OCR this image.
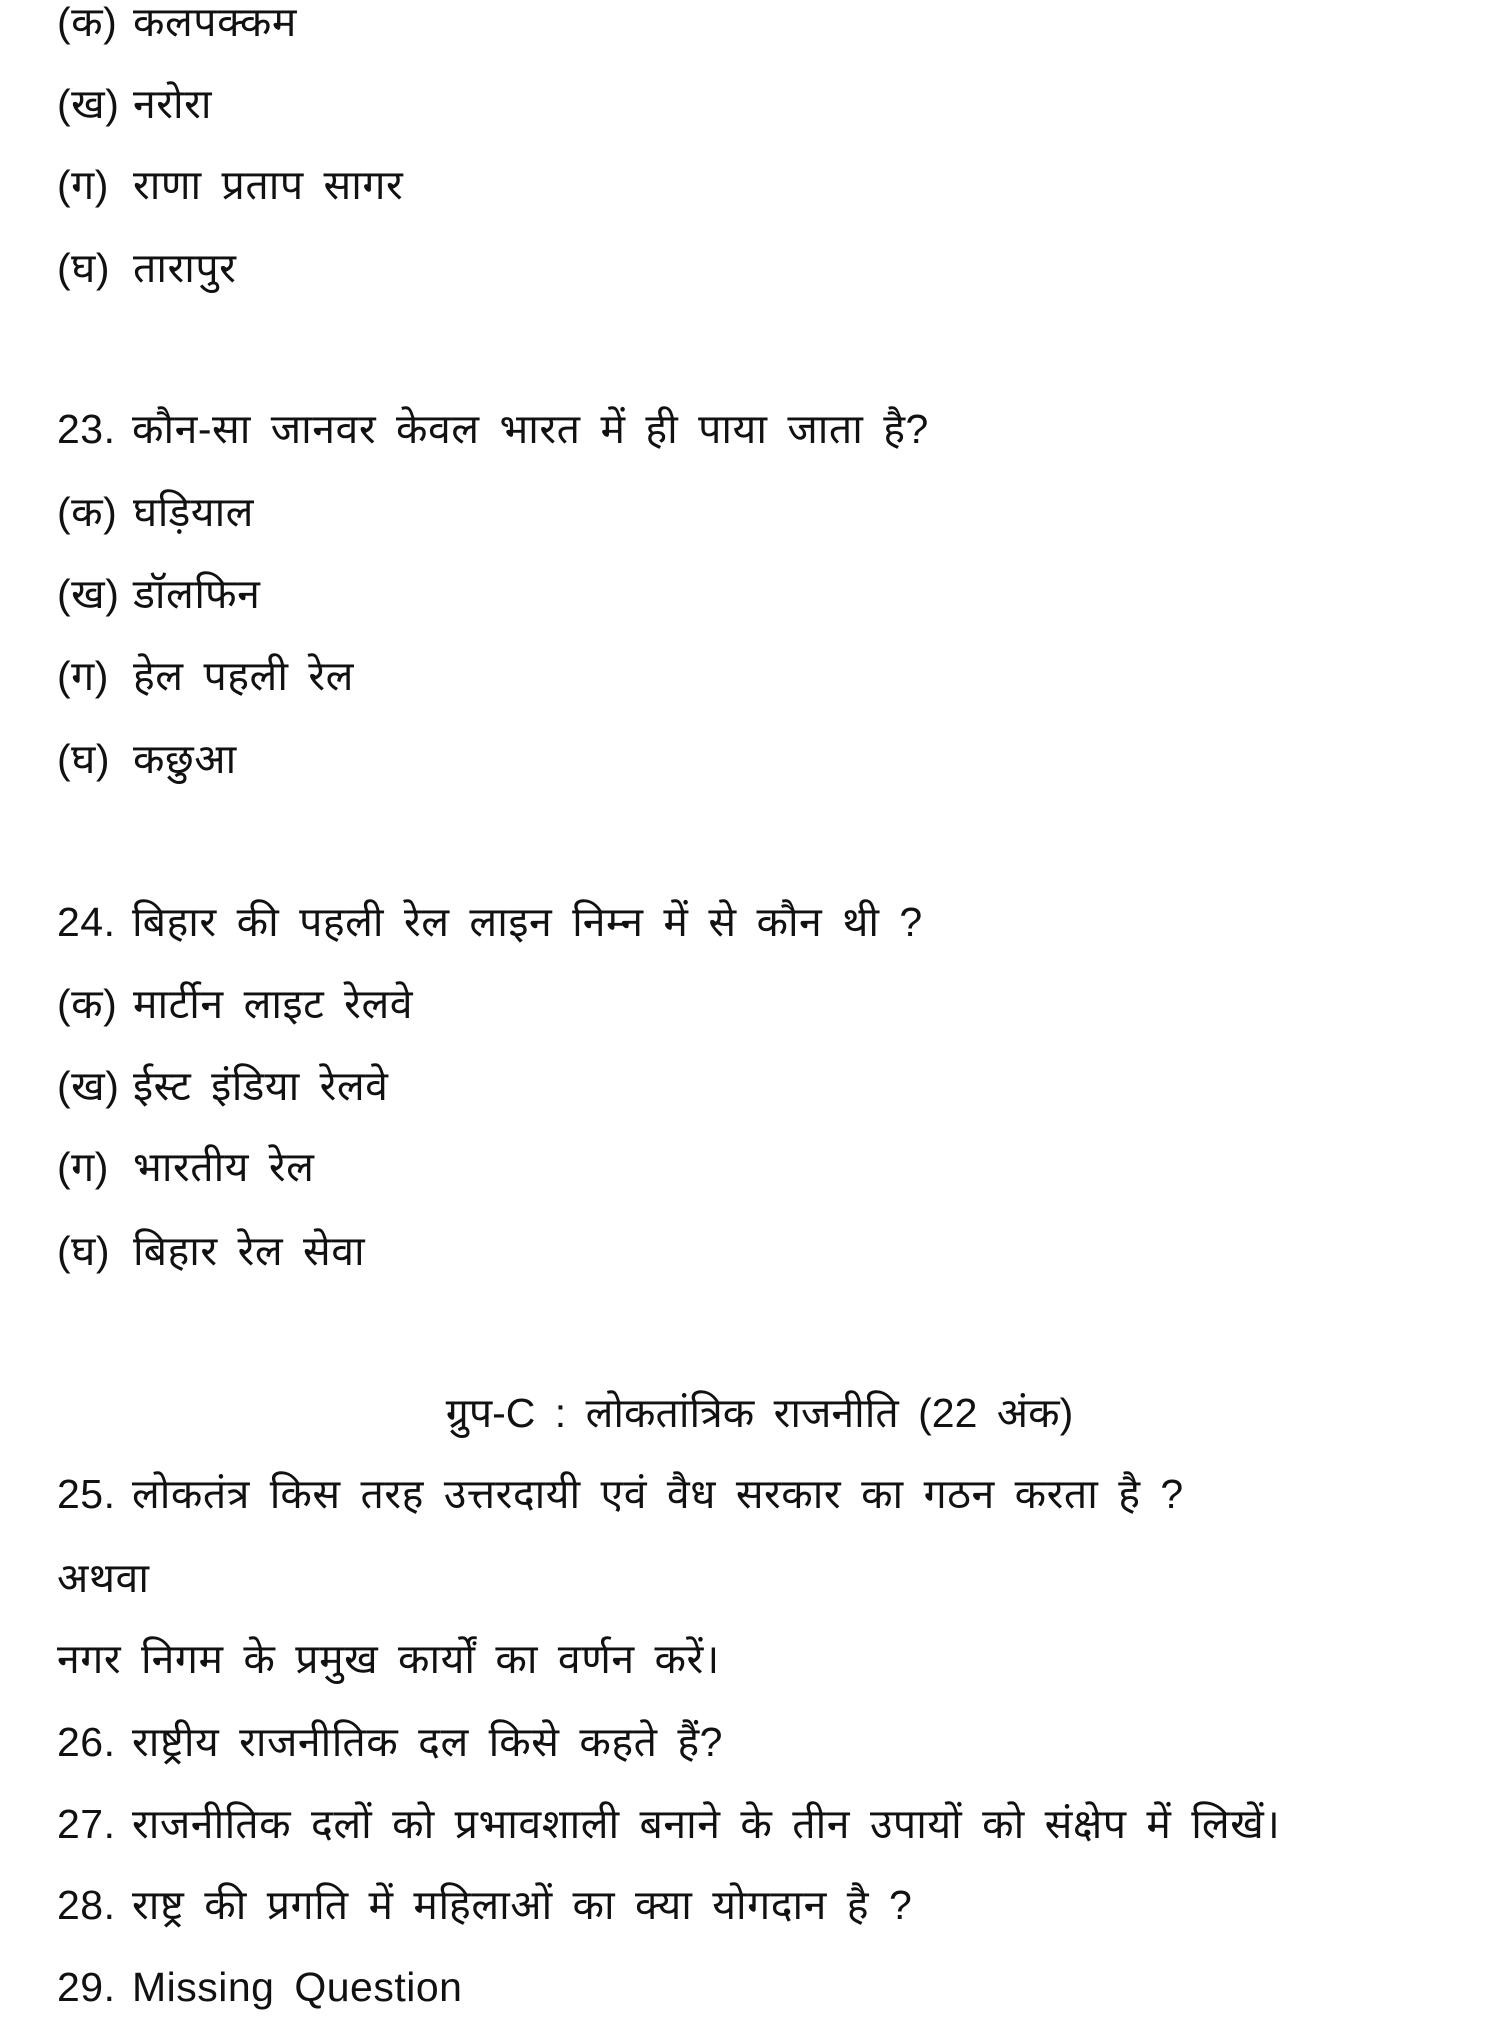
(क) कलपक्कम
(ख) नरोरा
(ग) राणा प्रताप सागर
(घ) तारापुर
23. कौन-सा जानवर केवल भारत में ही पाया जाता है?
(क) घड़ियाल
(ख) डॉलफिन
(ग) हेल पहली रेल
(घ) कछुआ
24. बिहार की पहली रेल लाइन निम्न में से कौन थी ?
(क) मार्टीन लाइट रेलवे
(ख) ईस्ट इंडिया रेलवे
(ग) भारतीय रेल
(घ) बिहार रेल सेवा
ग्रुप-C : लोकतांत्रिक राजनीति (22 अंक)
25. लोकतंत्र किस तरह उत्तरदायी एवं वैध सरकार का गठन करता है ?
अथवा
नगर निगम के प्रमुख कार्यों का वर्णन करें।
26. राष्ट्रीय राजनीतिक दल किसे कहते हैं?
27. राजनीतिक दलों को प्रभावशाली बनाने के तीन उपायों को संक्षेप में लिखें।
28. राष्ट्र की प्रगति में महिलाओं का क्या योगदान है ?
29. Missing Question
